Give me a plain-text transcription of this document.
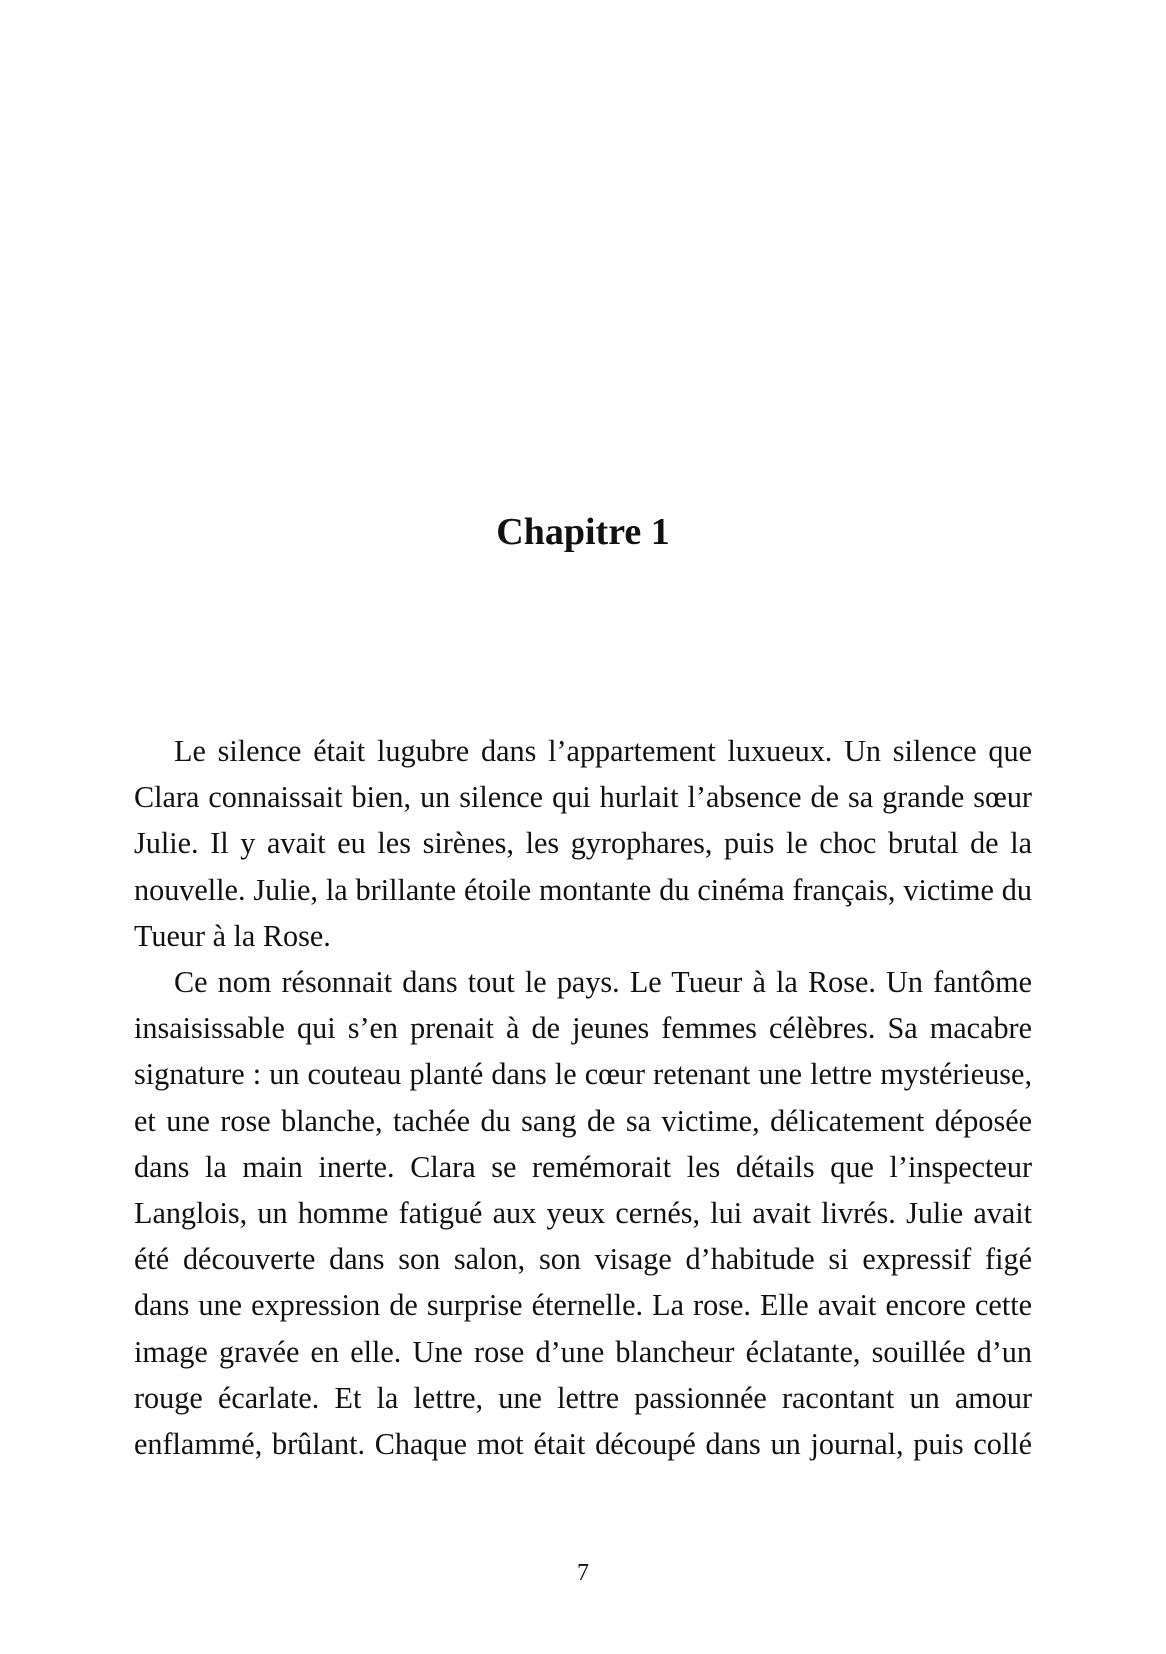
Chapitre 1

Le silence était lugubre dans l’appartement luxueux. Un silence que Clara connaissait bien, un silence qui hurlait l’absence de sa grande sœur Julie. Il y avait eu les sirènes, les gyrophares, puis le choc brutal de la nouvelle. Julie, la brillante étoile montante du cinéma français, victime du Tueur à la Rose.

Ce nom résonnait dans tout le pays. Le Tueur à la Rose. Un fantôme insaisissable qui s’en prenait à de jeunes femmes célèbres. Sa macabre signature : un couteau planté dans le cœur retenant une lettre mystérieuse, et une rose blanche, tachée du sang de sa victime, délicatement déposée dans la main inerte. Clara se remémorait les détails que l’inspecteur Langlois, un homme fatigué aux yeux cernés, lui avait livrés. Julie avait été découverte dans son salon, son visage d’habitude si expressif figé dans une expression de surprise éternelle. La rose. Elle avait encore cette image gravée en elle. Une rose d’une blancheur éclatante, souillée d’un rouge écarlate. Et la lettre, une lettre passionnée racontant un amour enflammé, brûlant. Chaque mot était découpé dans un journal, puis collé

7
